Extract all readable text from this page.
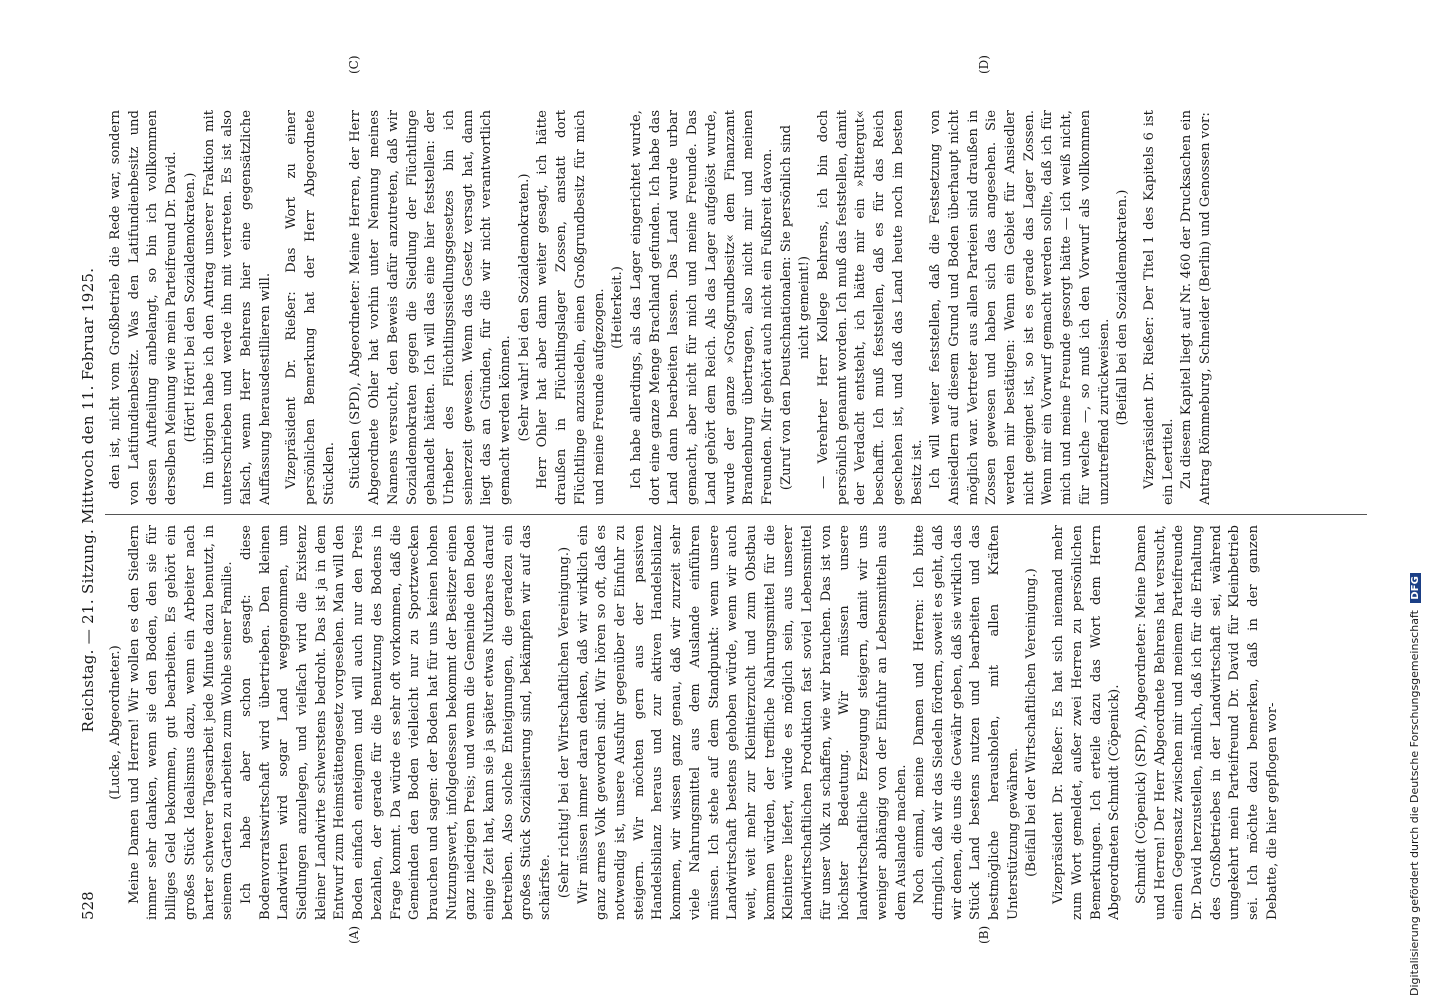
528
Reichstag. — 21. Sitzung. Mittwoch den 11. Februar 1925.
(A)	(B)
(C)	(D)

(Lucke, Abgeordneter.) Meine Damen und Herren! Wir wollen es den Siedlern immer sehr danken, wenn sie den Boden, den sie für billiges Geld bekommen, gut bearbeiten. Es gehört ein großes Stück Idealismus dazu, wenn ein Arbeiter nach harter schwerer Tagesarbeit jede Minute dazu benutzt, in seinem Garten zu arbeiten zum Wohle seiner Familie. Ich habe aber schon gesagt: diese Bodenvorratswirtschaft wird übertrieben. Den kleinen Landwirten wird sogar Land weggenommen, um Siedlungen anzulegen, und vielfach wird die Existenz kleiner Landwirte schwerstens bedroht. Das ist ja in dem Entwurf zum Heimstättengesetz vorgesehen. Man will den Boden einfach enteignen und will auch nur den Preis bezahlen, der gerade für die Benutzung des Bodens in Frage kommt. Da würde es sehr oft vorkommen, daß die Gemeinden den Boden vielleicht nur zu Sportzwecken brauchen und sagen: der Boden hat für uns keinen hohen Nutzungswert, infolgedessen bekommt der Besitzer einen ganz niedrigen Preis; und wenn die Gemeinde den Boden einige Zeit hat, kann sie ja später etwas Nutzbares darauf betreiben. Also solche Enteignungen, die geradezu ein großes Stück Sozialisierung sind, bekämpfen wir auf das schärfste. (Sehr richtig! bei der Wirtschaftlichen Vereinigung.) Wir müssen immer daran denken, daß wir wirklich ein ganz armes Volk geworden sind. Wir hören so oft, daß es notwendig ist, unsere Ausfuhr gegenüber der Einfuhr zu steigern. Wir möchten gern aus der passiven Handelsbilanz heraus und zur aktiven Handelsbilanz kommen, wir wissen ganz genau, daß wir zurzeit sehr viele Nahrungsmittel aus dem Auslande einführen müssen. Ich stehe auf dem Standpunkt: wenn unsere Landwirtschaft bestens gehoben würde, wenn wir auch weit, weit mehr zur Kleintierzucht und zum Obstbau kommen würden, der treffliche Nahrungsmittel für die Kleintiere liefert, würde es möglich sein, aus unserer landwirtschaftlichen Produktion fast soviel Lebensmittel für unser Volk zu schaffen, wie wir brauchen. Das ist von höchster Bedeutung. Wir müssen unsere landwirtschaftliche Erzeugung steigern, damit wir uns weniger abhängig von der Einfuhr an Lebensmitteln aus dem Auslande machen. Noch einmal, meine Damen und Herren: Ich bitte dringlich, daß wir das Siedeln fördern, soweit es geht, daß wir denen, die uns die Gewähr geben, daß sie wirklich das Stück Land bestens nutzen und bearbeiten und das bestmögliche herausholen, mit allen Kräften Unterstützung gewähren. (Beifall bei der Wirtschaftlichen Vereinigung.) Vizepräsident Dr. Rießer: Es hat sich niemand mehr zum Wort gemeldet, außer zwei Herren zu persönlichen Bemerkungen. Ich erteile dazu das Wort dem Herrn Abgeordneten Schmidt (Cöpenick). Schmidt (Cöpenick) (SPD), Abgeordneter: Meine Damen und Herren! Der Herr Abgeordnete Behrens hat versucht, einen Gegensatz zwischen mir und meinem Parteifreunde Dr. David herzustellen, nämlich, daß ich für die Erhaltung des Großbetriebes in der Landwirtschaft sei, während umgekehrt mein Parteifreund Dr. David für Kleinbetrieb sei. Ich möchte dazu bemerken, daß in der ganzen Debatte, die hier gepflogen wor-

den ist, nicht vom Großbetrieb die Rede war, sondern von Latifundienbesitz. Was den Latifundienbesitz und dessen Aufteilung anbelangt, so bin ich vollkommen derselben Meinung wie mein Parteifreund Dr. David. (Hört! Hört! bei den Sozialdemokraten.) Im übrigen habe ich den Antrag unserer Fraktion mit unterschrieben und werde ihn mit vertreten. Es ist also falsch, wenn Herr Behrens hier eine gegensätzliche Auffassung herausdestillieren will. Vizepräsident Dr. Rießer: Das Wort zu einer persönlichen Bemerkung hat der Herr Abgeordnete Stücklen. Stücklen (SPD), Abgeordneter: Meine Herren, der Herr Abgeordnete Ohler hat vorhin unter Nennung meines Namens versucht, den Beweis dafür anzutreten, daß wir Sozialdemokraten gegen die Siedlung der Flüchtlinge gehandelt hätten. Ich will das eine hier feststellen: der Urheber des Flüchtlingssiedlungsgesetzes bin ich seinerzeit gewesen. Wenn das Gesetz versagt hat, dann liegt das an Gründen, für die wir nicht verantwortlich gemacht werden können. (Sehr wahr! bei den Sozialdemokraten.) Herr Ohler hat aber dann weiter gesagt, ich hätte draußen in Flüchtlingslager Zossen, anstatt dort Flüchtlinge anzusiedeln, einen Großgrundbesitz für mich und meine Freunde aufgezogen. (Heiterkeit.) Ich habe allerdings, als das Lager eingerichtet wurde, dort eine ganze Menge Brachland gefunden. Ich habe das Land dann bearbeiten lassen. Das Land wurde urbar gemacht, aber nicht für mich und meine Freunde. Das Land gehört dem Reich. Als das Lager aufgelöst wurde, wurde der ganze »Großgrundbesitz« dem Finanzamt Brandenburg übertragen, also nicht mir und meinen Freunden. Mir gehört auch nicht ein Fußbreit davon. (Zuruf von den Deutschnationalen: Sie persönlich sind nicht gemeint!) — Verehrter Herr Kollege Behrens, ich bin doch persönlich genannt worden. Ich muß das feststellen, damit der Verdacht entsteht, ich hätte mir ein »Rittergut« beschafft. Ich muß feststellen, daß es für das Reich geschehen ist, und daß das Land heute noch im besten Besitz ist. Ich will weiter feststellen, daß die Festsetzung von Ansiedlern auf diesem Grund und Boden überhaupt nicht möglich war. Vertreter aus allen Parteien sind draußen in Zossen gewesen und haben sich das angesehen. Sie werden mir bestätigen: Wenn ein Gebiet für Ansiedler nicht geeignet ist, so ist es gerade das Lager Zossen. Wenn mir ein Vorwurf gemacht werden sollte, daß ich für mich und meine Freunde gesorgt hätte — ich weiß nicht, für welche —, so muß ich den Vorwurf als vollkommen unzutreffend zurückweisen. (Beifall bei den Sozialdemokraten.) Vizepräsident Dr. Rießer: Der Titel 1 des Kapitels 6 ist ein Leertitel. Zu diesem Kapitel liegt auf Nr. 460 der Drucksachen ein Antrag Römmeburg, Schneider (Berlin) und Genossen vor:

Digitalisierung gefördert durch die Deutsche Forschungsgemeinschaft DFG
